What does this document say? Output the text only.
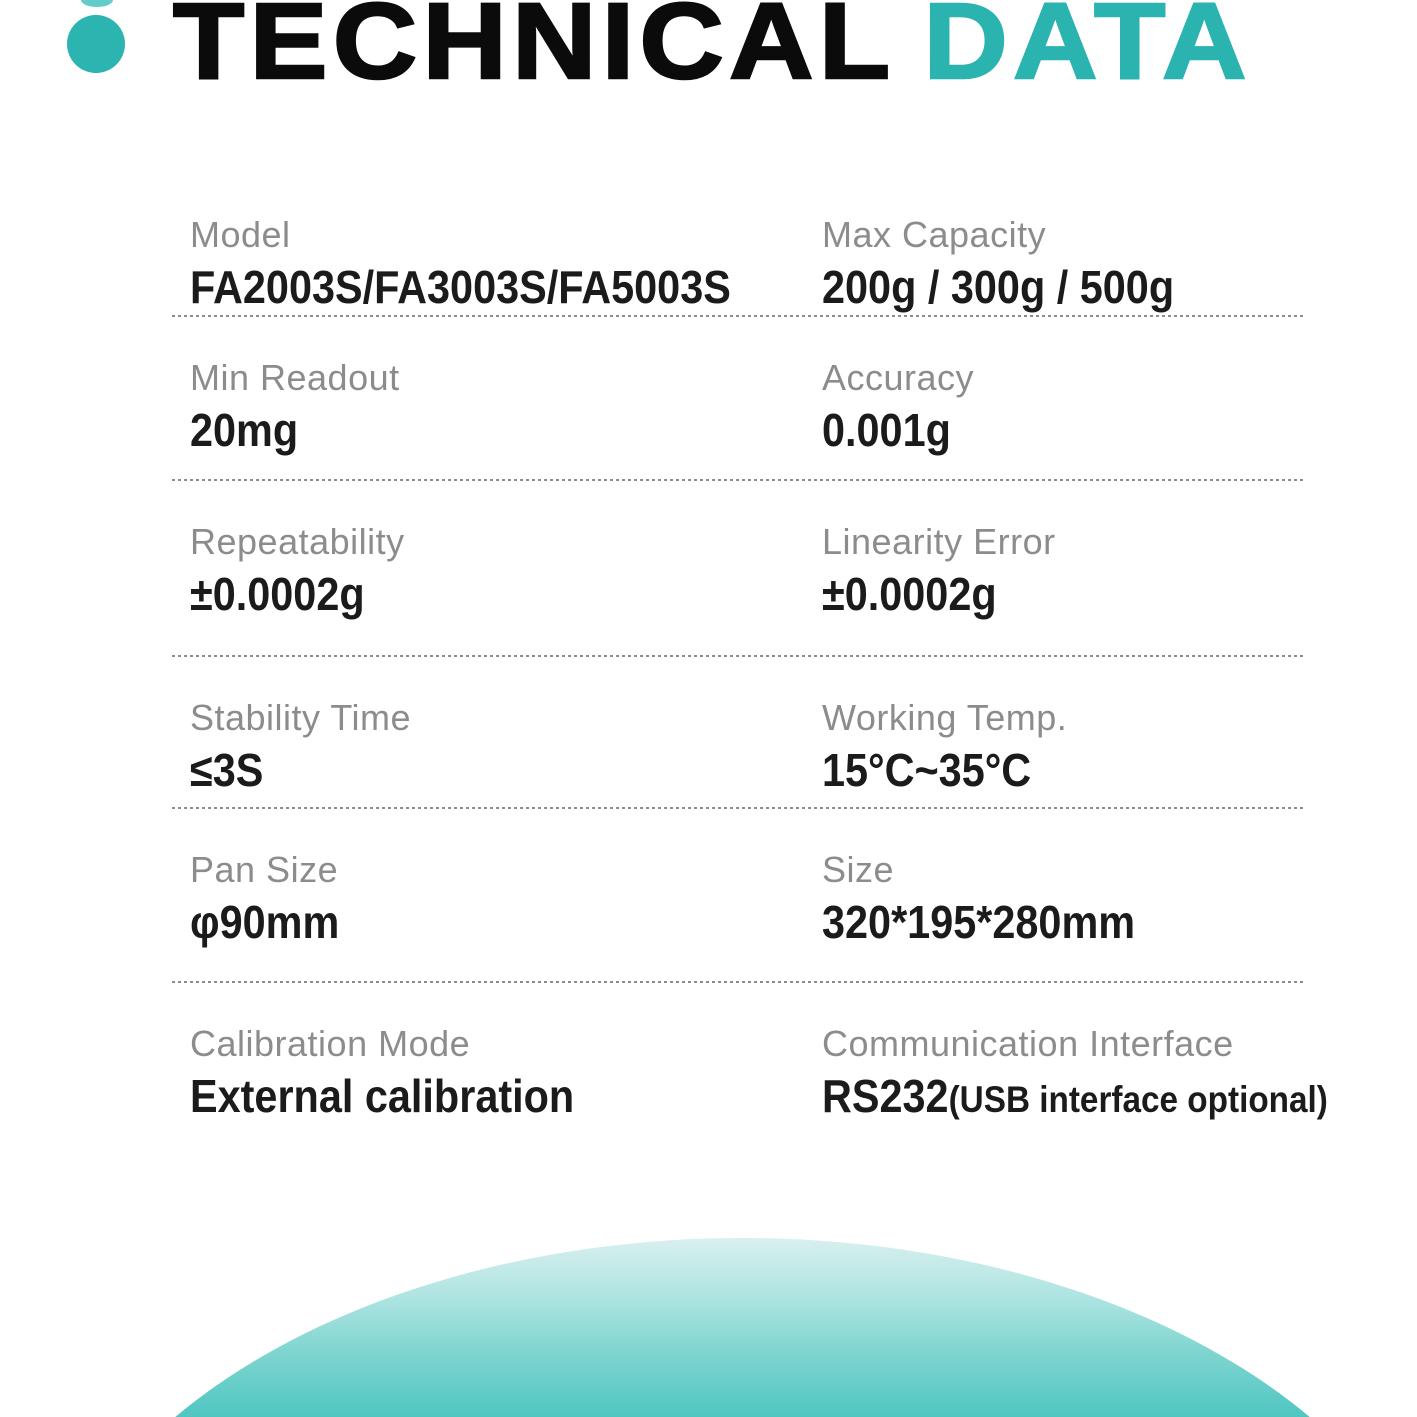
TECHNICAL DATA
Model
FA2003S/FA3003S/FA5003S
Max Capacity
200g / 300g / 500g
Min Readout
20mg
Accuracy
0.001g
Repeatability
±0.0002g
Linearity Error
±0.0002g
Stability Time
≤3S
Working Temp.
15°C~35°C
Pan Size
φ90mm
Size
320*195*280mm
Calibration Mode
External calibration
Communication Interface
RS232(USB interface optional)
